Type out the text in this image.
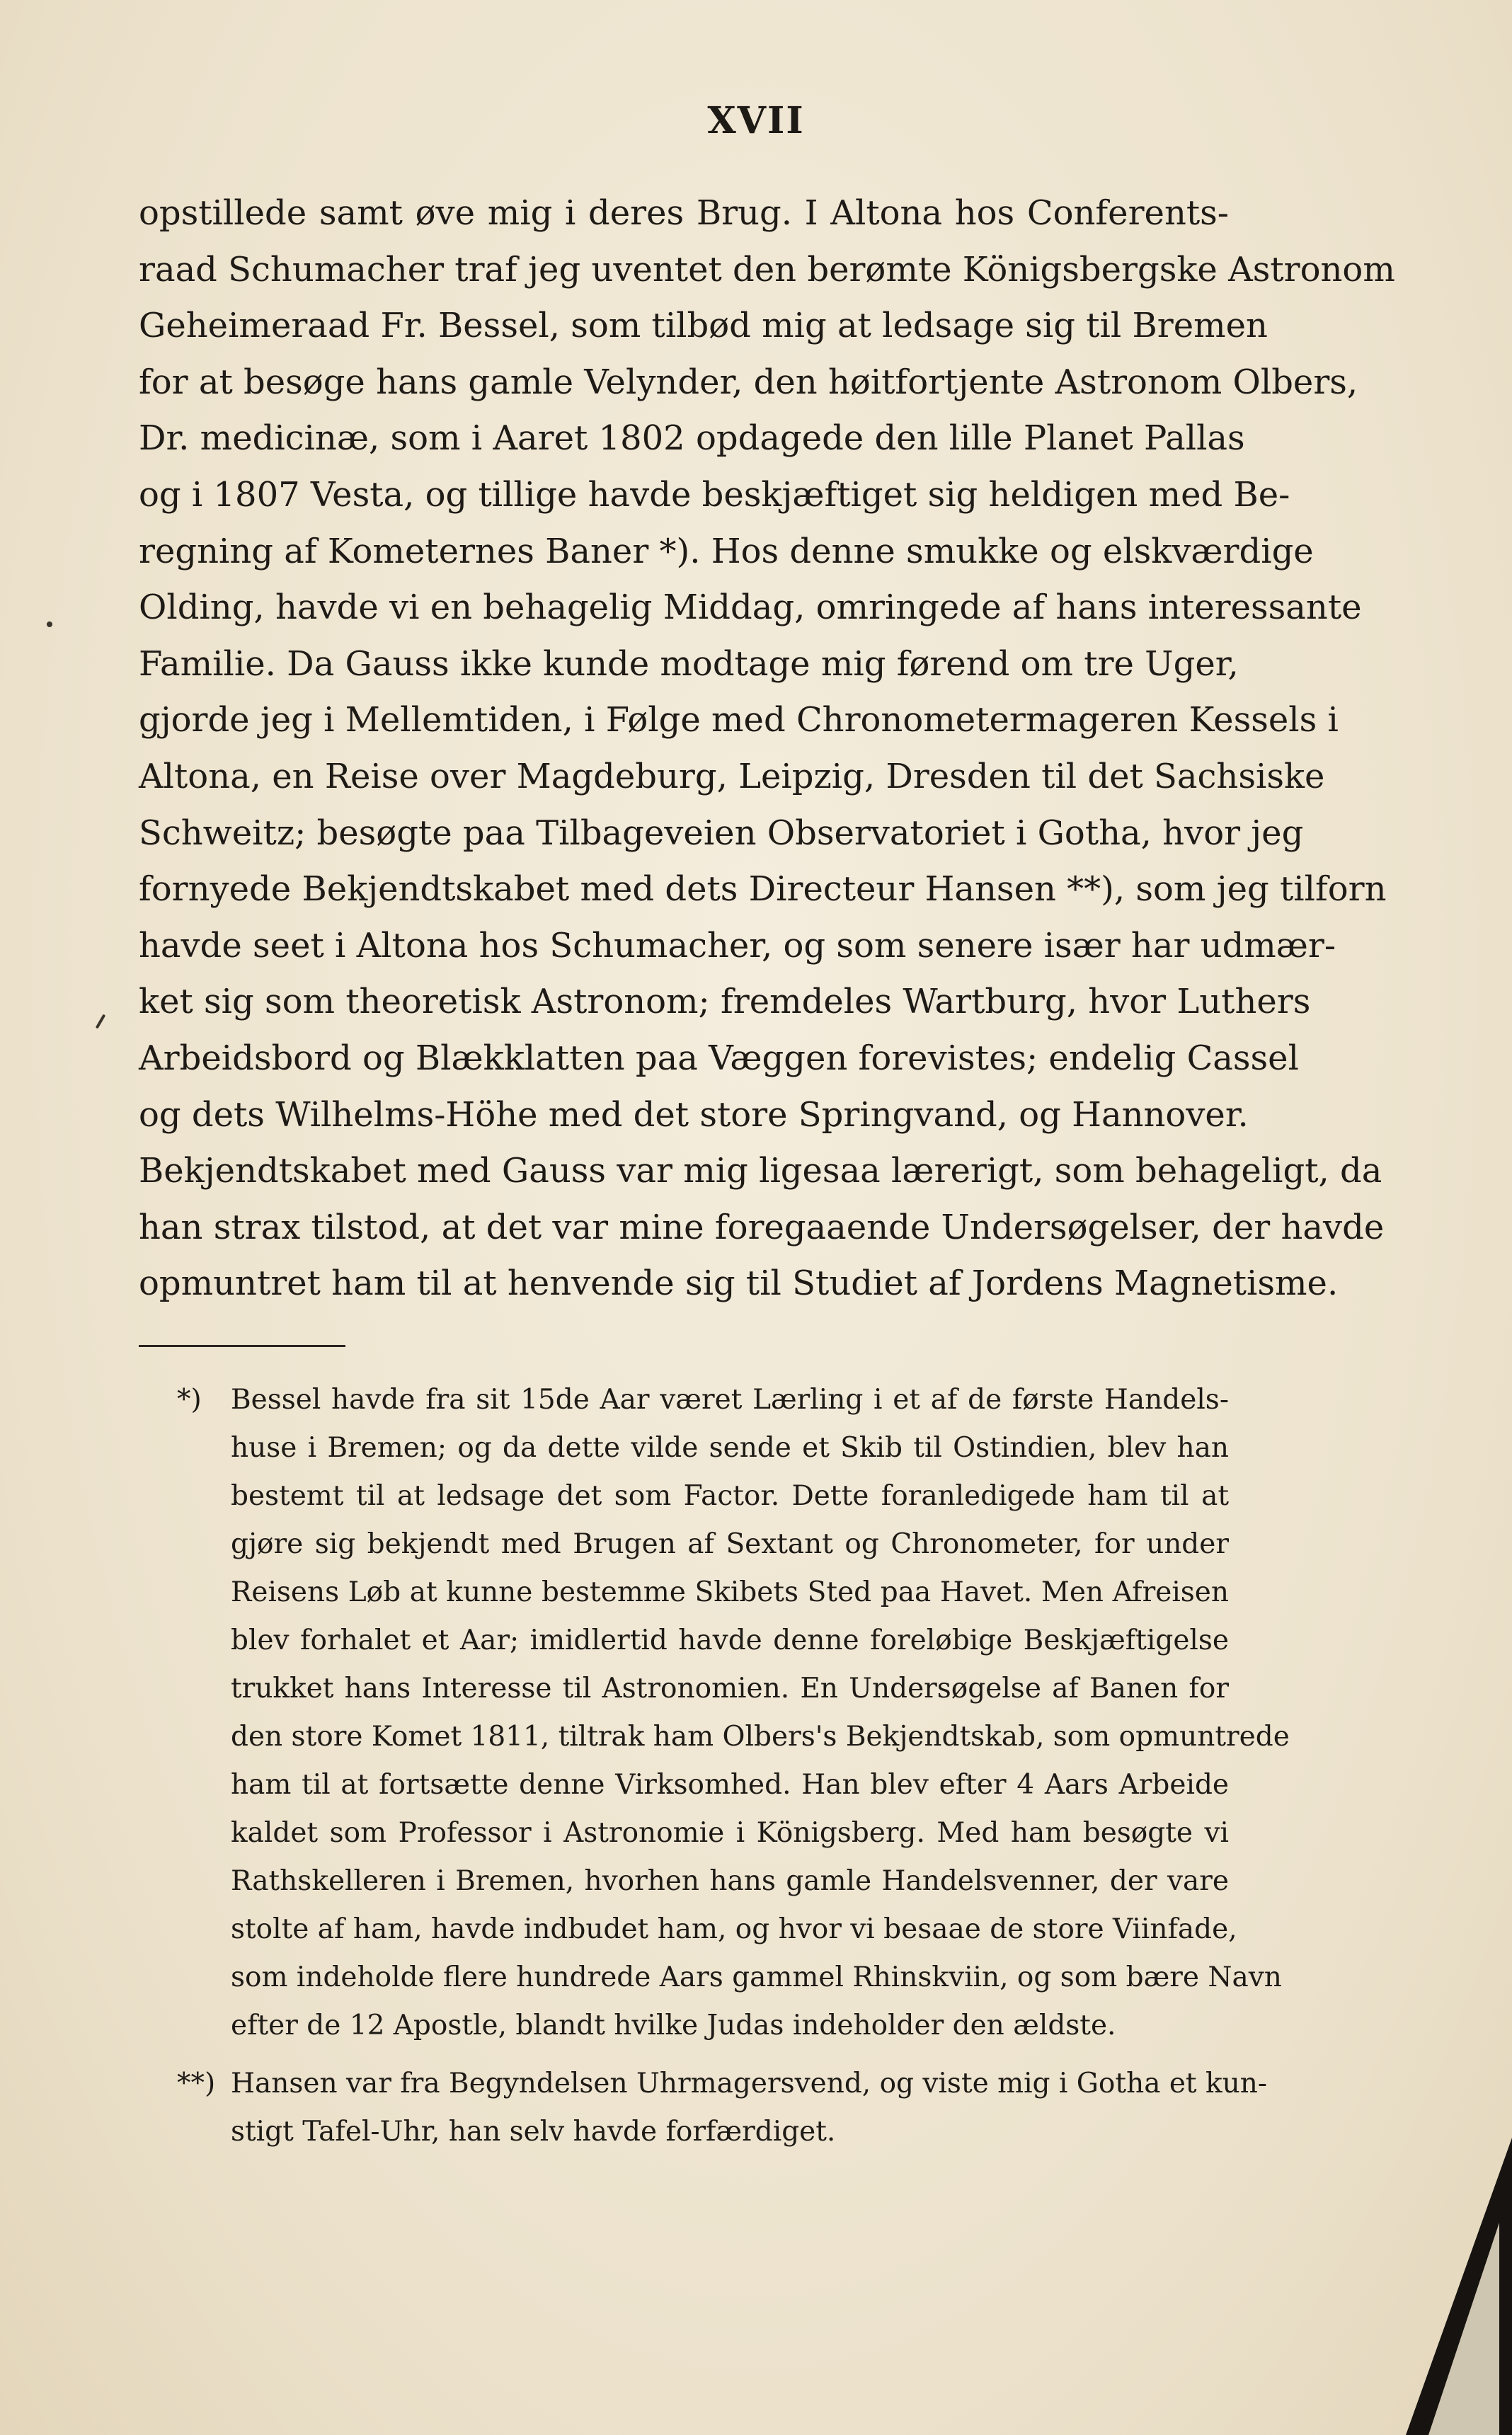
XVII
opstillede samt øve mig i deres Brug. I Altona hos Conferents-
raad Schumacher traf jeg uventet den berømte Königsbergske Astronom
Geheimeraad Fr. Bessel, som tilbød mig at ledsage sig til Bremen
for at besøge hans gamle Velynder, den høitfortjente Astronom Olbers,
Dr. medicinæ, som i Aaret 1802 opdagede den lille Planet Pallas
og i 1807 Vesta, og tillige havde beskjæftiget sig heldigen med Be-
regning af Kometernes Baner *). Hos denne smukke og elskværdige
Olding, havde vi en behagelig Middag, omringede af hans interessante
Familie. Da Gauss ikke kunde modtage mig førend om tre Uger,
gjorde jeg i Mellemtiden, i Følge med Chronometermageren Kessels i
Altona, en Reise over Magdeburg, Leipzig, Dresden til det Sachsiske
Schweitz; besøgte paa Tilbageveien Observatoriet i Gotha, hvor jeg
fornyede Bekjendtskabet med dets Directeur Hansen **), som jeg tilforn
havde seet i Altona hos Schumacher, og som senere især har udmær-
ket sig som theoretisk Astronom; fremdeles Wartburg, hvor Luthers
Arbeidsbord og Blækklatten paa Væggen forevistes; endelig Cassel
og dets Wilhelms-Höhe med det store Springvand, og Hannover.
Bekjendtskabet med Gauss var mig ligesaa lærerigt, som behageligt, da
han strax tilstod, at det var mine foregaaende Undersøgelser, der havde
opmuntret ham til at henvende sig til Studiet af Jordens Magnetisme.
*)	Bessel havde fra sit 15de Aar været Lærling i et af de første Handels-
huse i Bremen; og da dette vilde sende et Skib til Ostindien, blev han
bestemt til at ledsage det som Factor. Dette foranledigede ham til at
gjøre sig bekjendt med Brugen af Sextant og Chronometer, for under
Reisens Løb at kunne bestemme Skibets Sted paa Havet. Men Afreisen
blev forhalet et Aar; imidlertid havde denne foreløbige Beskjæftigelse
trukket hans Interesse til Astronomien. En Undersøgelse af Banen for
den store Komet 1811, tiltrak ham Olbers's Bekjendtskab, som opmuntrede
ham til at fortsætte denne Virksomhed. Han blev efter 4 Aars Arbeide
kaldet som Professor i Astronomie i Königsberg. Med ham besøgte vi
Rathskelleren i Bremen, hvorhen hans gamle Handelsvenner, der vare
stolte af ham, havde indbudet ham, og hvor vi besaae de store Viinfade,
som indeholde flere hundrede Aars gammel Rhinskviin, og som bære Navn
efter de 12 Apostle, blandt hvilke Judas indeholder den ældste.
**) Hansen var fra Begyndelsen Uhrmagersvend, og viste mig i Gotha et kun-
stigt Tafel-Uhr, han selv havde forfærdiget.
